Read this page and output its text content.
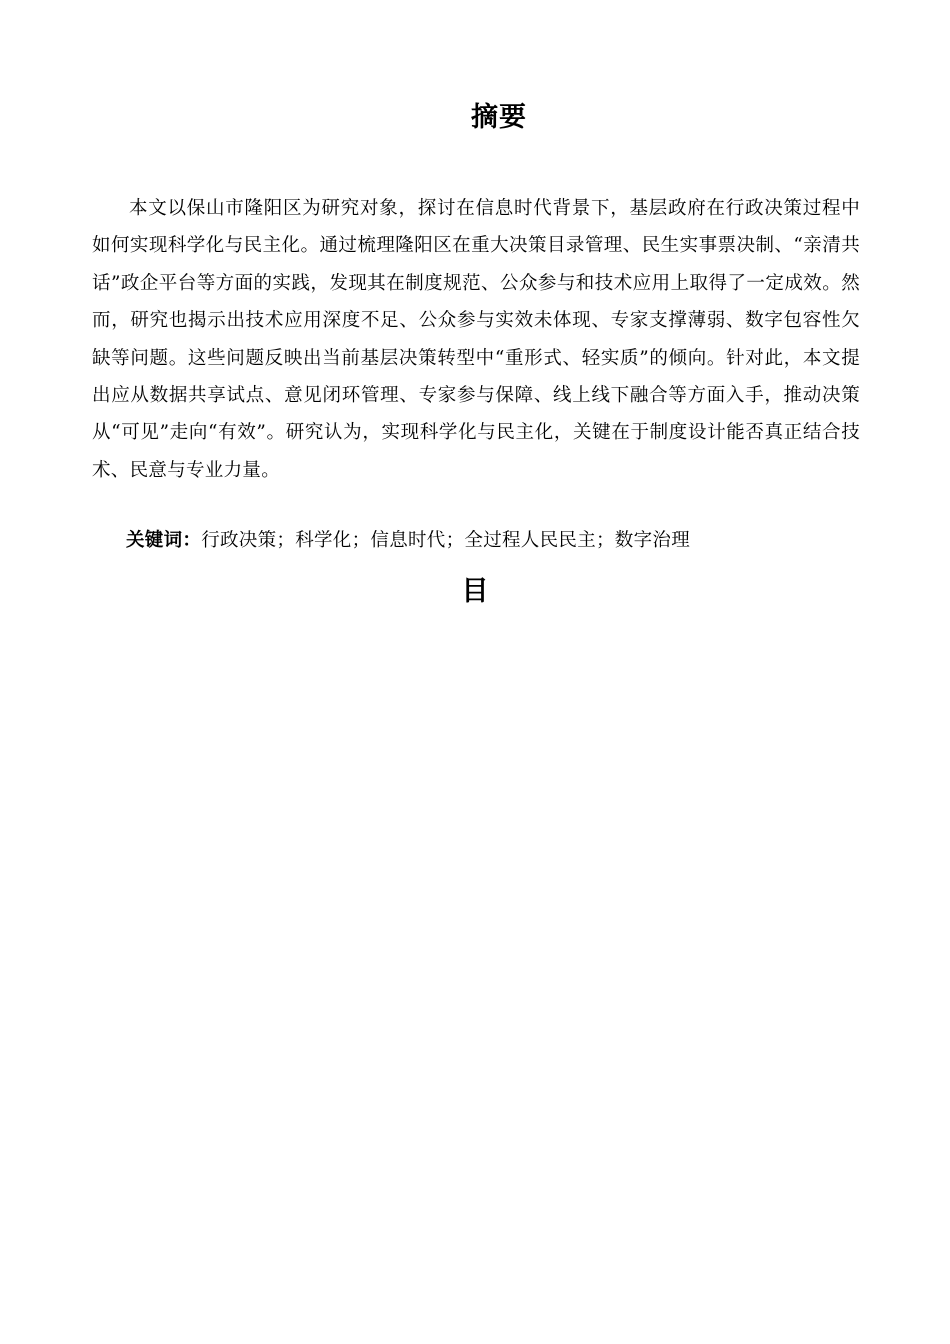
摘要

本文以保山市隆阳区为研究对象，探讨在信息时代背景下，基层政府在行政决策过程中如何实现科学化与民主化。通过梳理隆阳区在重大决策目录管理、民生实事票决制、“亲清共话”政企平台等方面的实践，发现其在制度规范、公众参与和技术应用上取得了一定成效。然而，研究也揭示出技术应用深度不足、公众参与实效未体现、专家支撑薄弱、数字包容性欠缺等问题。这些问题反映出当前基层决策转型中“重形式、轻实质”的倾向。针对此，本文提出应从数据共享试点、意见闭环管理、专家参与保障、线上线下融合等方面入手，推动决策从“可见”走向“有效”。研究认为，实现科学化与民主化，关键在于制度设计能否真正结合技术、民意与专业力量。

关键词：行政决策；科学化；信息时代；全过程人民民主；数字治理
目
